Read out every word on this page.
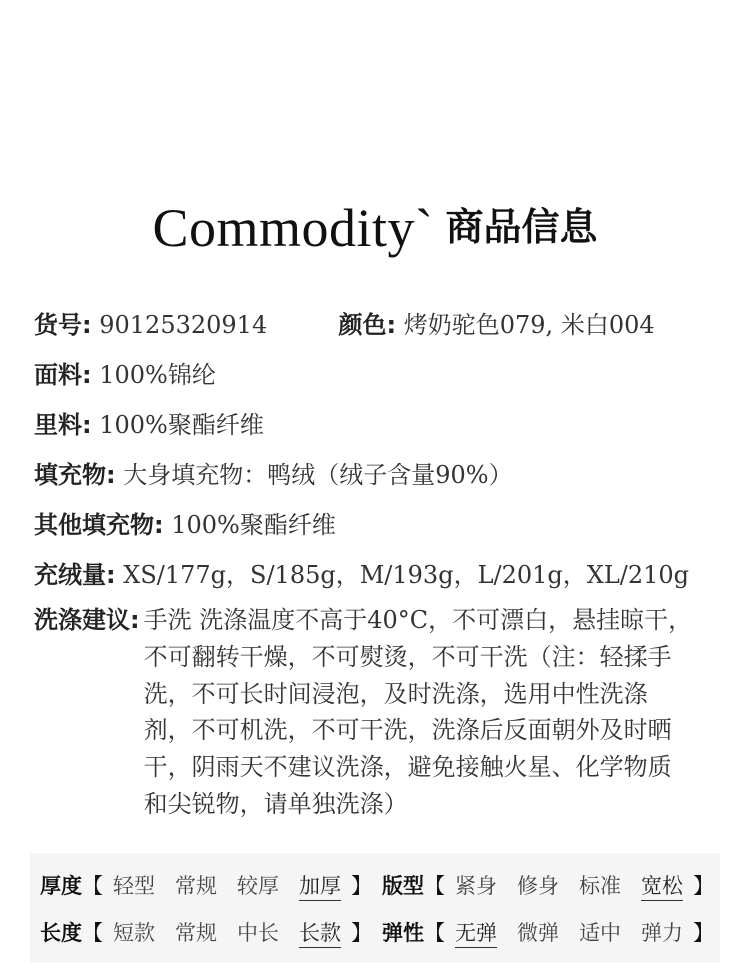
Commodity` 商品信息
货号: 90125320914	颜色: 烤奶驼色079, 米白004
面料: 100%锦纶
里料: 100%聚酯纤维
填充物: 大身填充物：鸭绒（绒子含量90%）
其他填充物: 100%聚酯纤维
充绒量: XS/177g，S/185g，M/193g，L/201g，XL/210g
洗涤建议: 手洗 洗涤温度不高于40°C，不可漂白，悬挂晾干，
不可翻转干燥，不可熨烫，不可干洗（注：轻揉手
洗，不可长时间浸泡，及时洗涤，选用中性洗涤
剂，不可机洗，不可干洗，洗涤后反面朝外及时晒
干，阴雨天不建议洗涤，避免接触火星、化学物质
和尖锐物，请单独洗涤）
厚度 【 轻型 常规 较厚 加厚 】 版型 【 紧身 修身 标准 宽松 】
长度 【 短款 常规 中长 长款 】 弹性 【 无弹 微弹 适中 弹力 】
